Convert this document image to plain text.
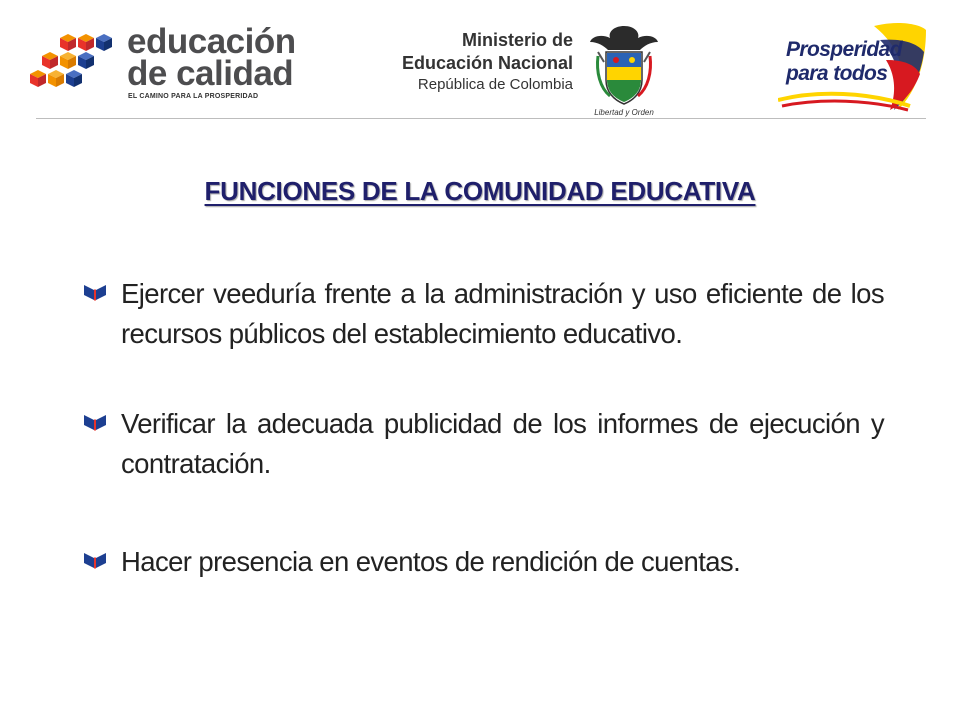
educación
de calidad
EL CAMINO PARA LA PROSPERIDAD
Ministerio de
Educación Nacional
República de Colombia
Libertad y Orden
Prosperidad
para todos
FUNCIONES DE LA COMUNIDAD EDUCATIVA
Ejercer veeduría frente a la administración y uso eficiente de los recursos públicos del establecimiento educativo.
Verificar la adecuada publicidad de los informes de ejecución y contratación.
Hacer presencia en eventos de rendición de cuentas.
